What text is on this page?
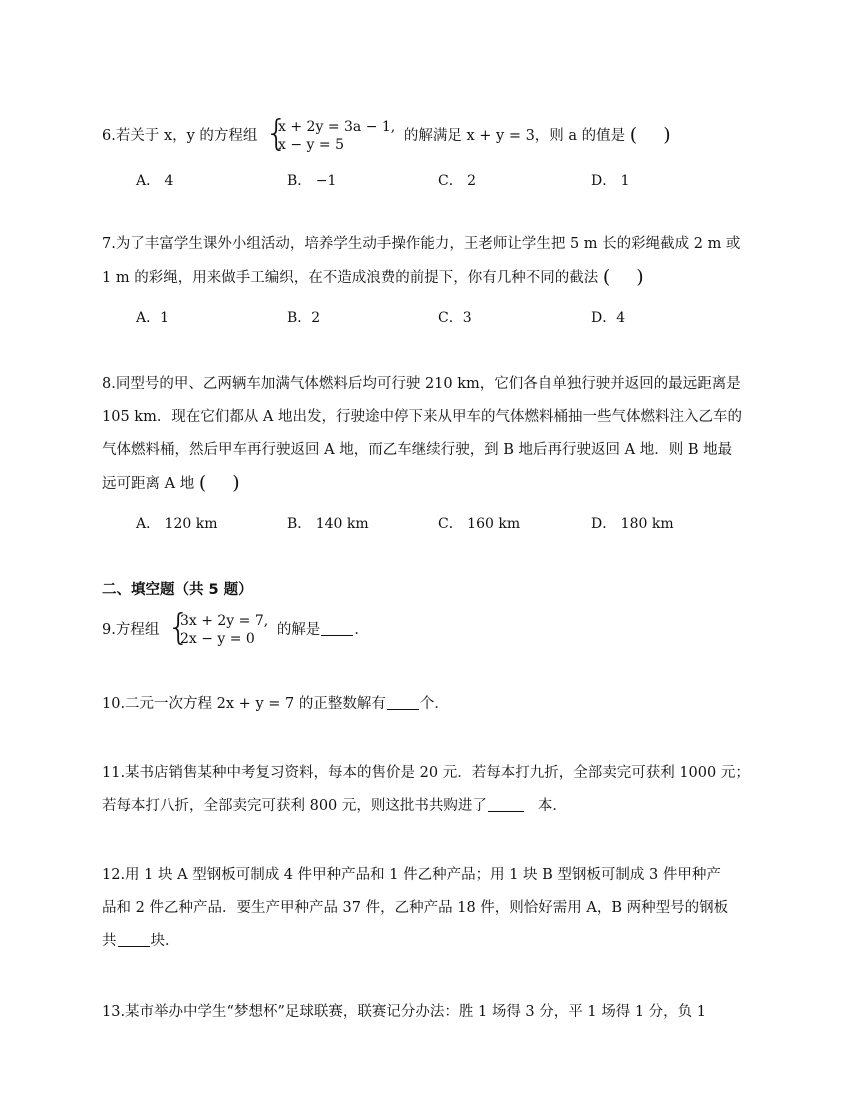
6.若关于 x，y 的方程组 {
x + 2y = 3a − 1,
x − y = 5
的解满足 x + y = 3，则 a 的值是 ( )
A． 4	B． −1	C． 2	D． 1
7.为了丰富学生课外小组活动，培养学生动手操作能力，王老师让学生把 5 m 长的彩绳截成 2 m 或
1 m 的彩绳，用来做手工编织，在不造成浪费的前提下，你有几种不同的截法 ( )
A．1	B．2	C．3	D．4
8.同型号的甲、乙两辆车加满气体燃料后均可行驶 210 km，它们各自单独行驶并返回的最远距离是
105 km．现在它们都从 A 地出发，行驶途中停下来从甲车的气体燃料桶抽一些气体燃料注入乙车的
气体燃料桶，然后甲车再行驶返回 A 地，而乙车继续行驶，到 B 地后再行驶返回 A 地．则 B 地最
远可距离 A 地 ( )
A． 120 km	B． 140 km	C． 160 km	D． 180 km
二、填空题（共 5 题）
9.方程组 {
3x + 2y = 7,
2x − y = 0
的解是 ．
10.二元一次方程 2x + y = 7 的正整数解有 个．
11.某书店销售某种中考复习资料，每本的售价是 20 元．若每本打九折，全部卖完可获利 1000 元；
若每本打八折，全部卖完可获利 800 元，则这批书共购进了	本．
12.用 1 块 A 型钢板可制成 4 件甲种产品和 1 件乙种产品；用 1 块 B 型钢板可制成 3 件甲种产
品和 2 件乙种产品．要生产甲种产品 37 件，乙种产品 18 件，则恰好需用 A，B 两种型号的钢板
共 块．
13.某市举办中学生“梦想杯”足球联赛，联赛记分办法：胜 1 场得 3 分，平 1 场得 1 分，负 1
